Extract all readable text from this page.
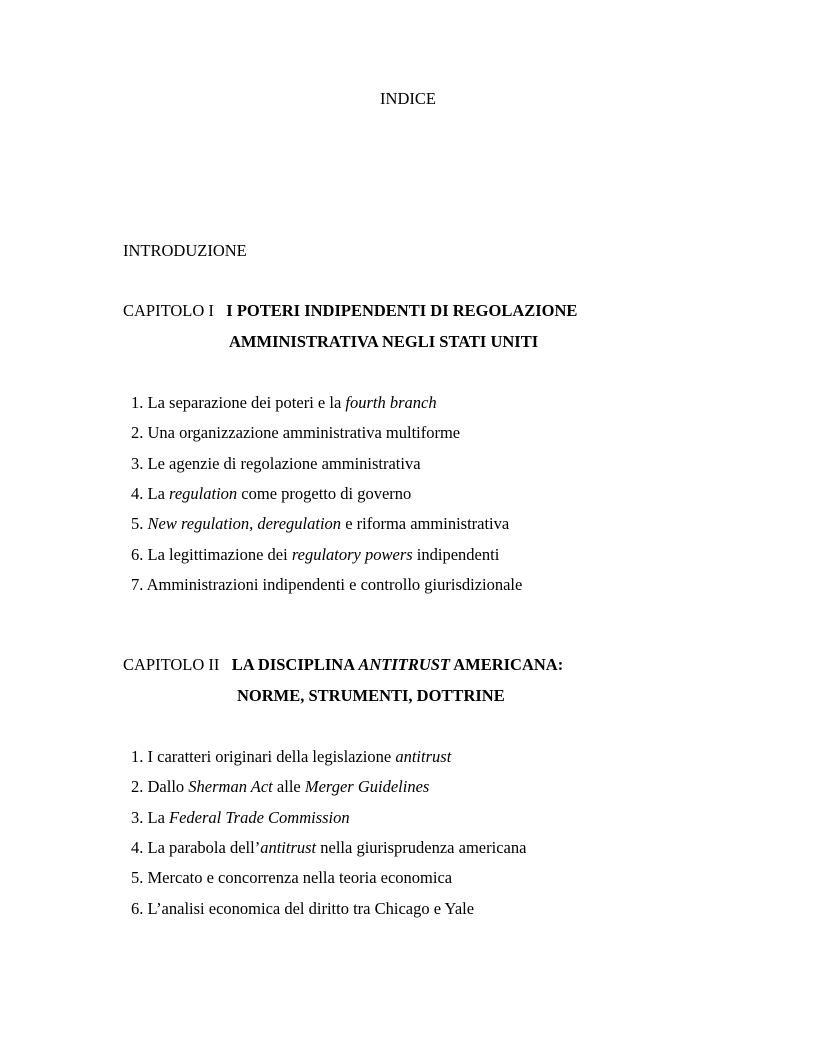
INDICE
INTRODUZIONE
CAPITOLO I I POTERI INDIPENDENTI DI REGOLAZIONE
AMMINISTRATIVA NEGLI STATI UNITI
1. La separazione dei poteri e la fourth branch
2. Una organizzazione amministrativa multiforme
3. Le agenzie di regolazione amministrativa
4. La regulation come progetto di governo
5. New regulation, deregulation e riforma amministrativa
6. La legittimazione dei regulatory powers indipendenti
7. Amministrazioni indipendenti e controllo giurisdizionale
CAPITOLO II LA DISCIPLINA ANTITRUST AMERICANA:
NORME, STRUMENTI, DOTTRINE
1. I caratteri originari della legislazione antitrust
2. Dallo Sherman Act alle Merger Guidelines
3. La Federal Trade Commission
4. La parabola dell’antitrust nella giurisprudenza americana
5. Mercato e concorrenza nella teoria economica
6. L’analisi economica del diritto tra Chicago e Yale
